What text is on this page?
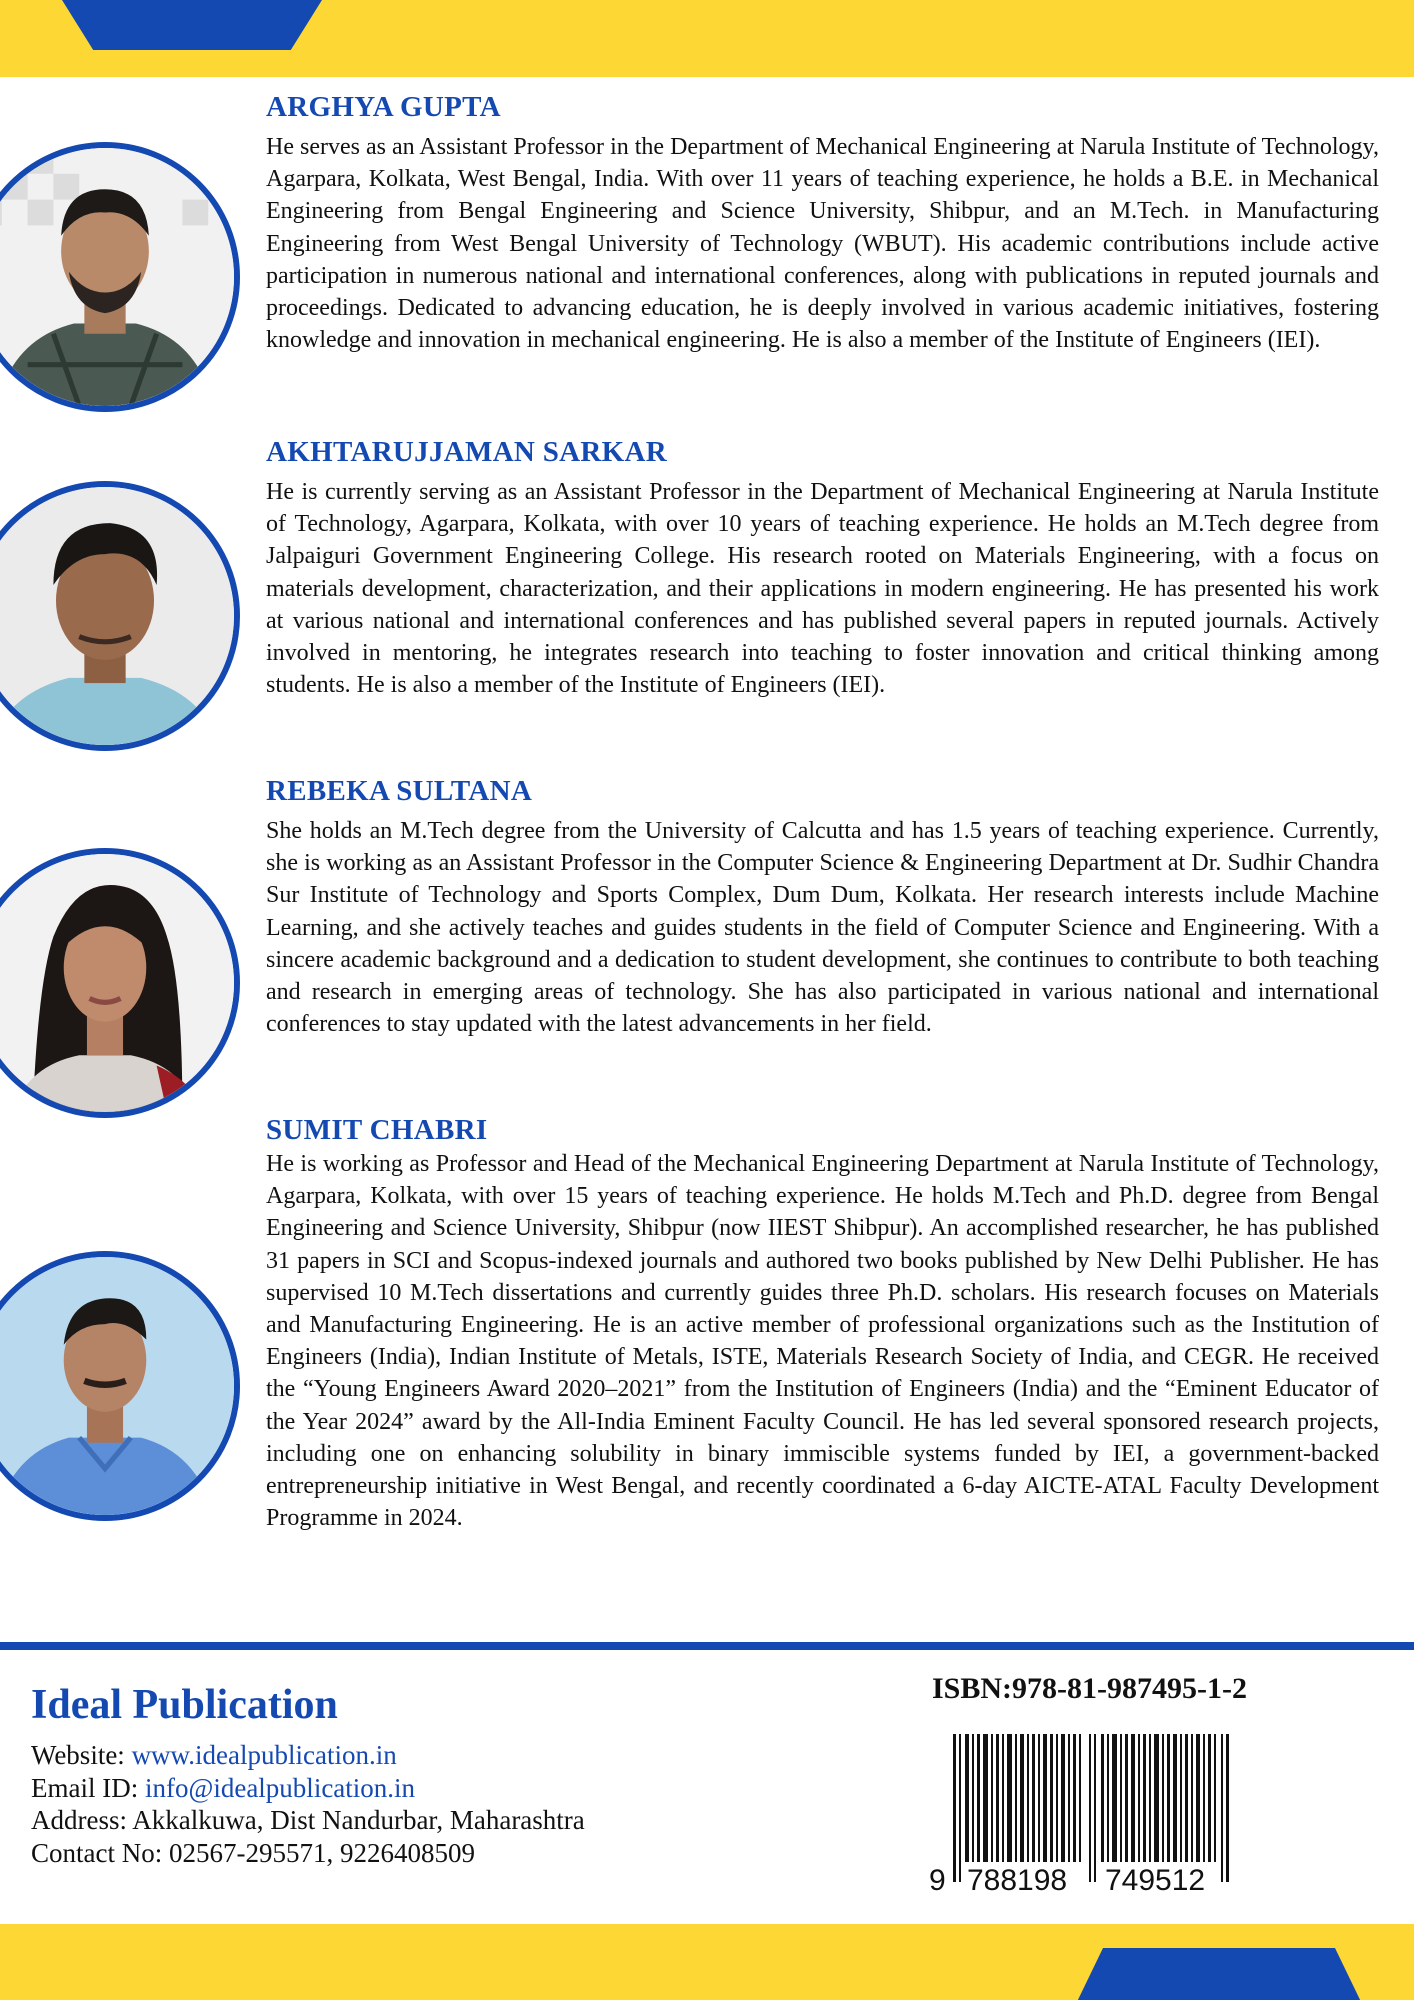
ARGHYA GUPTA

He serves as an Assistant Professor in the Department of Mechanical Engineering at Narula Institute of Technology, Agarpara, Kolkata, West Bengal, India. With over 11 years of teaching experience, he holds a B.E. in Mechanical Engineering from Bengal Engineering and Science University, Shibpur, and an M.Tech. in Manufacturing Engineering from West Bengal University of Technology (WBUT). His academic contributions include active participation in numerous national and international conferences, along with publications in reputed journals and proceedings. Dedicated to advancing education, he is deeply involved in various academic initiatives, fostering knowledge and innovation in mechanical engineering. He is also a member of the Institute of Engineers (IEI).

AKHTARUJJAMAN SARKAR

He is currently serving as an Assistant Professor in the Department of Mechanical Engineering at Narula Institute of Technology, Agarpara, Kolkata, with over 10 years of teaching experience. He holds an M.Tech degree from Jalpaiguri Government Engineering College. His research rooted on Materials Engineering, with a focus on materials development, characterization, and their applications in modern engineering. He has presented his work at various national and international conferences and has published several papers in reputed journals. Actively involved in mentoring, he integrates research into teaching to foster innovation and critical thinking among students. He is also a member of the Institute of Engineers (IEI).

REBEKA SULTANA

She holds an M.Tech degree from the University of Calcutta and has 1.5 years of teaching experience. Currently, she is working as an Assistant Professor in the Computer Science & Engineering Department at Dr. Sudhir Chandra Sur Institute of Technology and Sports Complex, Dum Dum, Kolkata. Her research interests include Machine Learning, and she actively teaches and guides students in the field of Computer Science and Engineering. With a sincere academic background and a dedication to student development, she continues to contribute to both teaching and research in emerging areas of technology. She has also participated in various national and international conferences to stay updated with the latest advancements in her field.

SUMIT CHABRI

He is working as Professor and Head of the Mechanical Engineering Department at Narula Institute of Technology, Agarpara, Kolkata, with over 15 years of teaching experience. He holds M.Tech and Ph.D. degree from Bengal Engineering and Science University, Shibpur (now IIEST Shibpur). An accomplished researcher, he has published 31 papers in SCI and Scopus-indexed journals and authored two books published by New Delhi Publisher. He has supervised 10 M.Tech dissertations and currently guides three Ph.D. scholars. His research focuses on Materials and Manufacturing Engineering. He is an active member of professional organizations such as the Institution of Engineers (India), Indian Institute of Metals, ISTE, Materials Research Society of India, and CEGR. He received the “Young Engineers Award 2020–2021” from the Institution of Engineers (India) and the “Eminent Educator of the Year 2024” award by the All-India Eminent Faculty Council. He has led several sponsored research projects, including one on enhancing solubility in binary immiscible systems funded by IEI, a government-backed entrepreneurship initiative in West Bengal, and recently coordinated a 6-day AICTE-ATAL Faculty Development Programme in 2024.

Ideal Publication
Website: www.idealpublication.in
Email ID: info@idealpublication.in
Address: Akkalkuwa, Dist Nandurbar, Maharashtra
Contact No: 02567-295571, 9226408509
ISBN:978-81-987495-1-2
9 788198 749512
